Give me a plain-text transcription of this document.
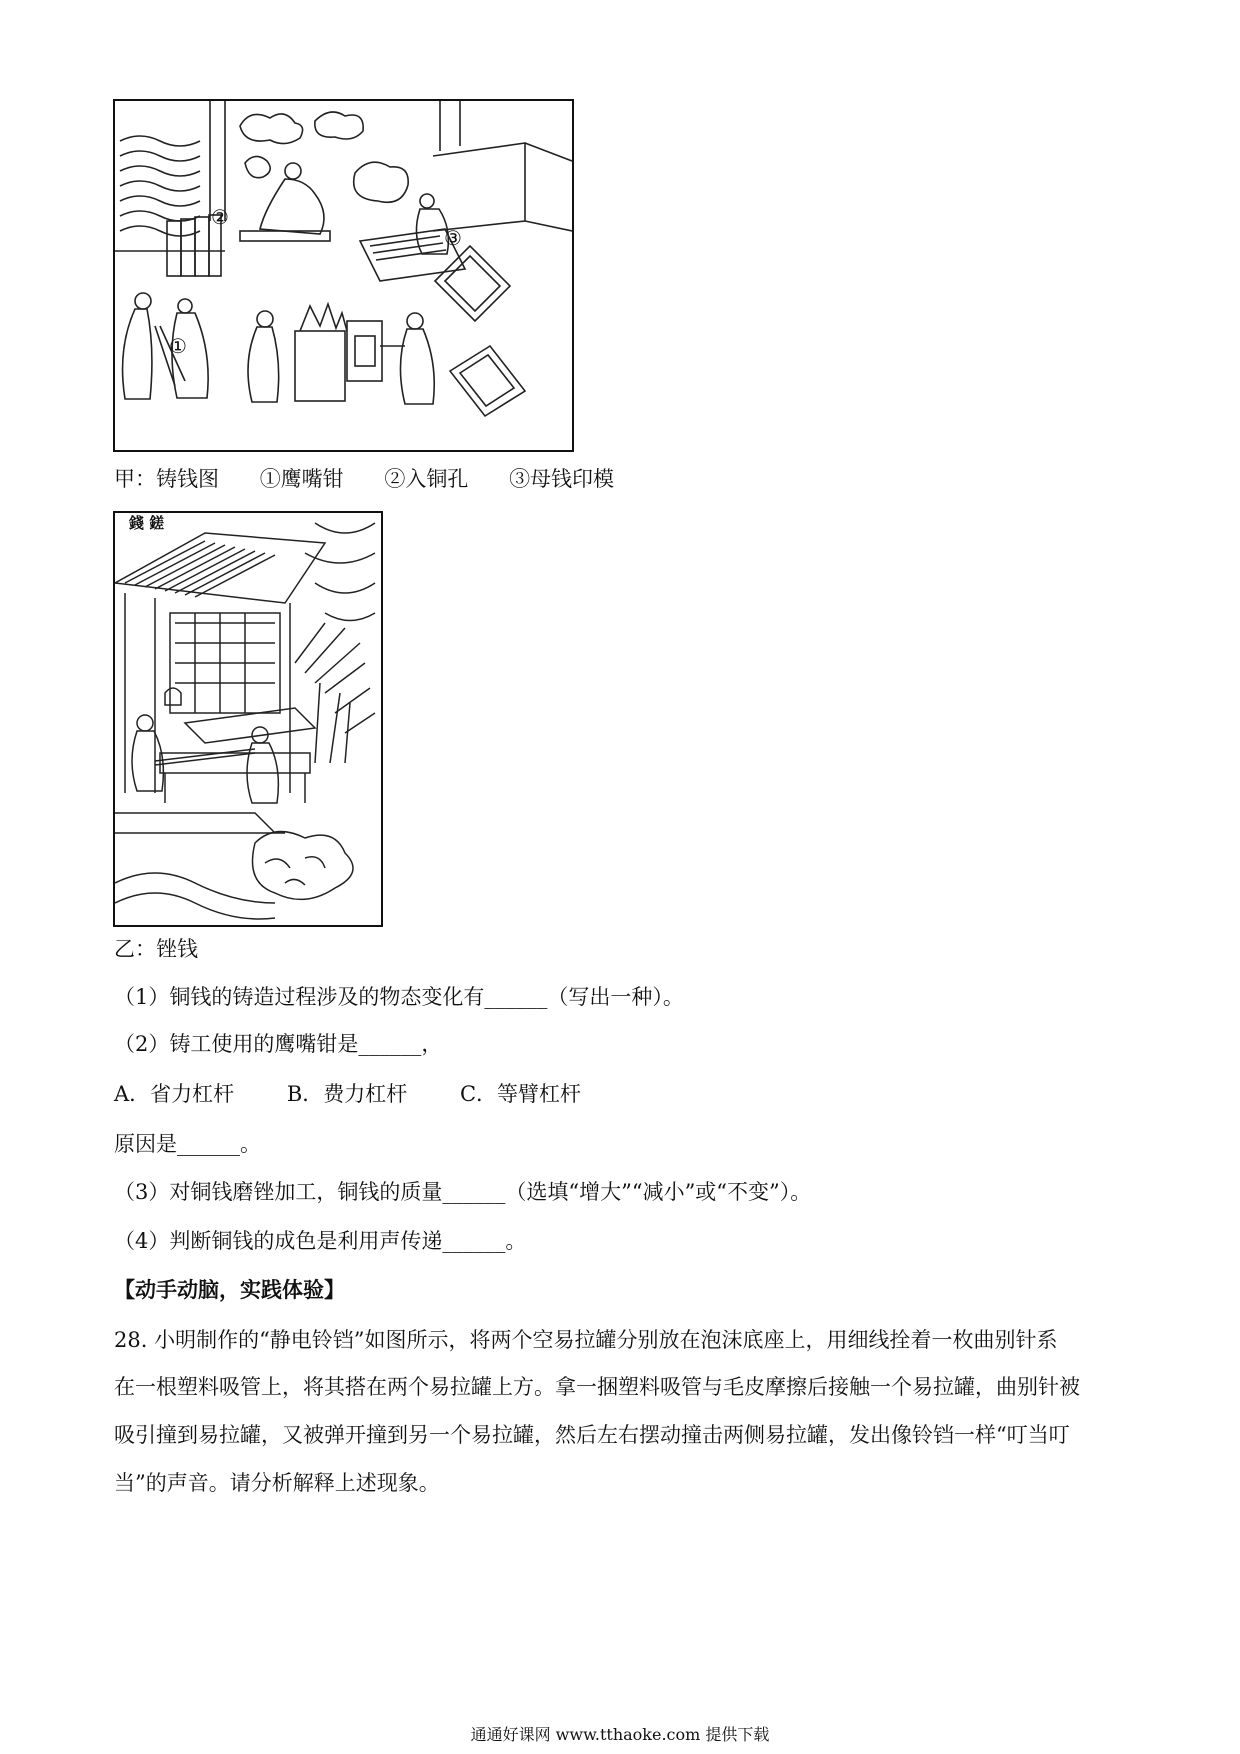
①
②
③
甲：铸钱图 ①鹰嘴钳 ②入铜孔 ③母钱印模
錢 鎈
乙：锉钱
（1）铜钱的铸造过程涉及的物态变化有______（写出一种）。
（2）铸工使用的鹰嘴钳是______，
A．省力杠杆	B．费力杠杆	C．等臂杠杆
原因是______。
（3）对铜钱磨锉加工，铜钱的质量______（选填“增大”“减小”或“不变”）。
（4）判断铜钱的成色是利用声传递______。
【动手动脑，实践体验】
28. 小明制作的“静电铃铛”如图所示，将两个空易拉罐分别放在泡沫底座上，用细线拴着一枚曲别针系
在一根塑料吸管上，将其搭在两个易拉罐上方。拿一捆塑料吸管与毛皮摩擦后接触一个易拉罐，曲别针被
吸引撞到易拉罐，又被弹开撞到另一个易拉罐，然后左右摆动撞击两侧易拉罐，发出像铃铛一样“叮当叮
当”的声音。请分析解释上述现象。
通通好课网 www.tthaoke.com 提供下载
